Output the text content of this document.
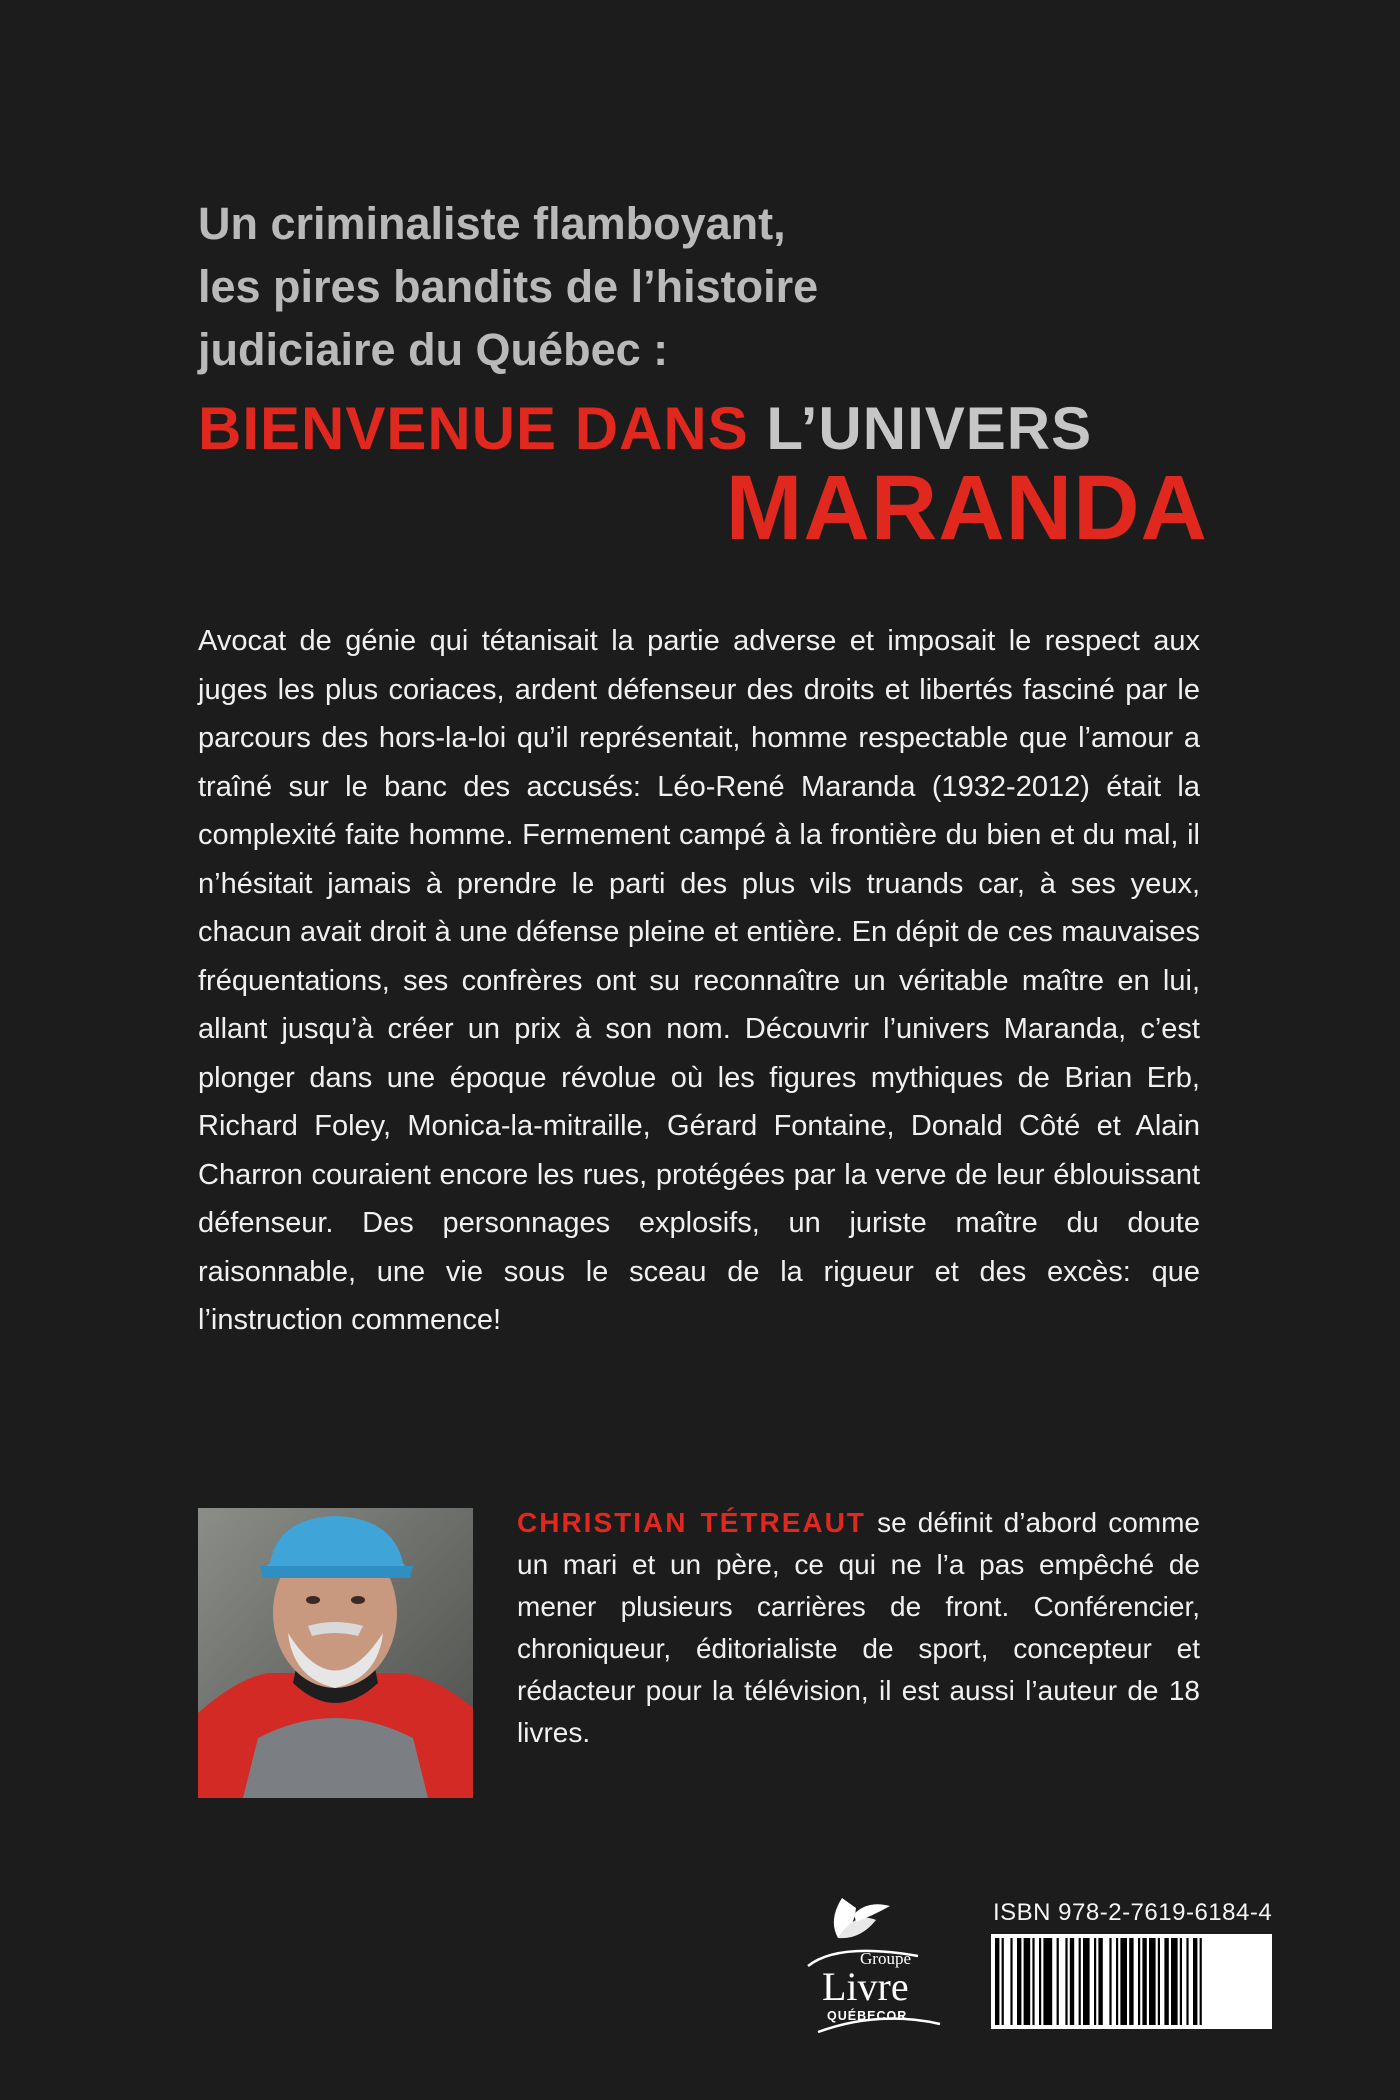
Un criminaliste flamboyant,
les pires bandits de l’histoire
judiciaire du Québec :
BIENVENUE DANS L’UNIVERS
MARANDA

Avocat de génie qui tétanisait la partie adverse et imposait le respect aux juges les plus coriaces, ardent défenseur des droits et libertés fasciné par le parcours des hors-la-loi qu’il représentait, homme respectable que l’amour a traîné sur le banc des accusés: Léo-René Maranda (1932-2012) était la complexité faite homme. Fermement campé à la frontière du bien et du mal, il n’hésitait jamais à prendre le parti des plus vils truands car, à ses yeux, chacun avait droit à une défense pleine et entière. En dépit de ces mauvaises fréquentations, ses confrères ont su reconnaître un véritable maître en lui, allant jusqu’à créer un prix à son nom. Découvrir l’univers Maranda, c’est plonger dans une époque révolue où les figures mythiques de Brian Erb, Richard Foley, Monica-la-mitraille, Gérard Fontaine, Donald Côté et Alain Charron couraient encore les rues, protégées par la verve de leur éblouissant défenseur. Des personnages explosifs, un juriste maître du doute raisonnable, une vie sous le sceau de la rigueur et des excès: que l’instruction commence!

CHRISTIAN TÉTREAUT se définit d’abord comme un mari et un père, ce qui ne l’a pas empêché de mener plusieurs carrières de front. Conférencier, chroniqueur, éditorialiste de sport, concepteur et rédacteur pour la télévision, il est aussi l’auteur de 18 livres.

Groupe
Livre
QUÉBECOR

ISBN 978-2-7619-6184-4
